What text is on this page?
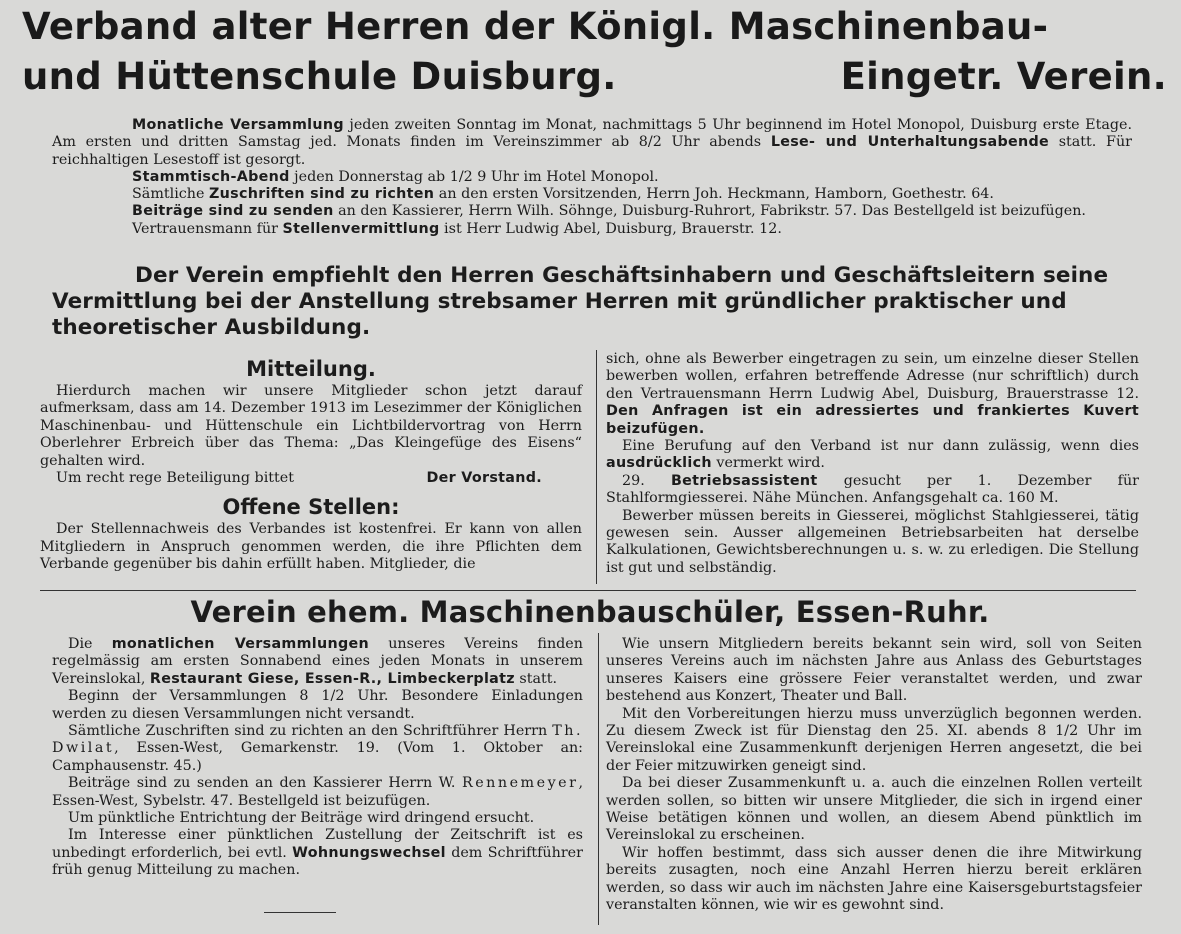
Verband alter Herren der Königl. Maschinenbau-
und Hüttenschule Duisburg.	Eingetr. Verein.

Monatliche Versammlung jeden zweiten Sonntag im Monat, nachmittags 5 Uhr beginnend im Hotel Monopol, Duisburg erste Etage. Am ersten und dritten Samstag jed. Monats finden im Vereinszimmer ab 8/2 Uhr abends Lese- und Unterhaltungsabende statt. Für reichhaltigen Lesestoff ist gesorgt.

Stammtisch-Abend jeden Donnerstag ab 1/2 9 Uhr im Hotel Monopol.

Sämtliche Zuschriften sind zu richten an den ersten Vorsitzenden, Herrn Joh. Heckmann, Hamborn, Goethestr. 64.

Beiträge sind zu senden an den Kassierer, Herrn Wilh. Söhnge, Duisburg-Ruhrort, Fabrikstr. 57. Das Bestellgeld ist beizufügen.

Vertrauensmann für Stellenvermittlung ist Herr Ludwig Abel, Duisburg, Brauerstr. 12.

Der Verein empfiehlt den Herren Geschäftsinhabern und Geschäftsleitern seine Vermittlung bei der Anstellung strebsamer Herren mit gründlicher praktischer und theoretischer Ausbildung.

Mitteilung.

Hierdurch machen wir unsere Mitglieder schon jetzt darauf aufmerksam, dass am 14. Dezember 1913 im Lesezimmer der Königlichen Maschinenbau- und Hüttenschule ein Lichtbildervortrag von Herrn Oberlehrer Erbreich über das Thema: „Das Kleingefüge des Eisens“ gehalten wird.

Um recht rege Beteiligung bittet	Der Vorstand.

Offene Stellen:

Der Stellennachweis des Verbandes ist kostenfrei. Er kann von allen Mitgliedern in Anspruch genommen werden, die ihre Pflichten dem Verbande gegenüber bis dahin erfüllt haben. Mitglieder, die

sich, ohne als Bewerber eingetragen zu sein, um einzelne dieser Stellen bewerben wollen, erfahren betreffende Adresse (nur schriftlich) durch den Vertrauensmann Herrn Ludwig Abel, Duisburg, Brauerstrasse 12. Den Anfragen ist ein adressiertes und frankiertes Kuvert beizufügen.

Eine Berufung auf den Verband ist nur dann zulässig, wenn dies ausdrücklich vermerkt wird.

29. Betriebsassistent gesucht per 1. Dezember für Stahlformgiesserei. Nähe München. Anfangsgehalt ca. 160 M.

Bewerber müssen bereits in Giesserei, möglichst Stahlgiesserei, tätig gewesen sein. Ausser allgemeinen Betriebsarbeiten hat derselbe Kalkulationen, Gewichtsberechnungen u. s. w. zu erledigen. Die Stellung ist gut und selbständig.

Verein ehem. Maschinenbauschüler, Essen-Ruhr.

Die monatlichen Versammlungen unseres Vereins finden regelmässig am ersten Sonnabend eines jeden Monats in unserem Vereinslokal, Restaurant Giese, Essen-R., Limbeckerplatz statt.

Beginn der Versammlungen 8 1/2 Uhr. Besondere Einladungen werden zu diesen Versammlungen nicht versandt.

Sämtliche Zuschriften sind zu richten an den Schriftführer Herrn Th. Dwilat, Essen-West, Gemarkenstr. 19. (Vom 1. Oktober an: Camphausenstr. 45.)

Beiträge sind zu senden an den Kassierer Herrn W. Rennemeyer, Essen-West, Sybelstr. 47. Bestellgeld ist beizufügen.

Um pünktliche Entrichtung der Beiträge wird dringend ersucht.

Im Interesse einer pünktlichen Zustellung der Zeitschrift ist es unbedingt erforderlich, bei evtl. Wohnungswechsel dem Schriftführer früh genug Mitteilung zu machen.

Wie unsern Mitgliedern bereits bekannt sein wird, soll von Seiten unseres Vereins auch im nächsten Jahre aus Anlass des Geburtstages unseres Kaisers eine grössere Feier veranstaltet werden, und zwar bestehend aus Konzert, Theater und Ball.

Mit den Vorbereitungen hierzu muss unverzüglich begonnen werden. Zu diesem Zweck ist für Dienstag den 25. XI. abends 8 1/2 Uhr im Vereinslokal eine Zusammenkunft derjenigen Herren angesetzt, die bei der Feier mitzuwirken geneigt sind.

Da bei dieser Zusammenkunft u. a. auch die einzelnen Rollen verteilt werden sollen, so bitten wir unsere Mitglieder, die sich in irgend einer Weise betätigen können und wollen, an diesem Abend pünktlich im Vereinslokal zu erscheinen.

Wir hoffen bestimmt, dass sich ausser denen die ihre Mitwirkung bereits zusagten, noch eine Anzahl Herren hierzu bereit erklären werden, so dass wir auch im nächsten Jahre eine Kaisersgeburtstagsfeier veranstalten können, wie wir es gewohnt sind.
